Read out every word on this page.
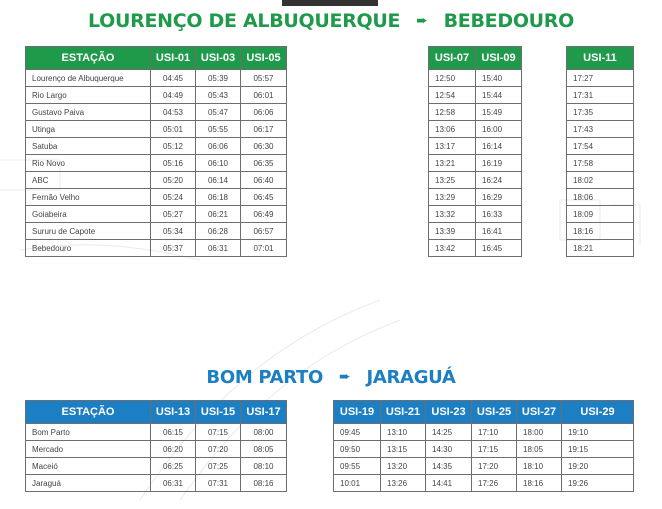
LOURENÇO DE ALBUQUERQUE ➨ BEBEDOURO
ESTAÇÃO	USI-01	USI-03	USI-05		USI-07	USI-09		USI-11
Lourenço de Albuquerque	04:45	05:39	05:57		12:50	15:40		17:27
Rio Largo	04:49	05:43	06:01		12:54	15:44		17:31
Gustavo Paiva	04:53	05:47	06:06		12:58	15:49		17:35
Utinga	05:01	05:55	06:17		13:06	16:00		17:43
Satuba	05:12	06:06	06:30		13:17	16:14		17:54
Rio Novo	05:16	06:10	06:35		13:21	16:19		17:58
ABC	05:20	06:14	06:40		13:25	16:24		18:02
Fernão Velho	05:24	06:18	06:45		13:29	16:29		18:06
Goiabeira	05:27	06:21	06:49		13:32	16:33		18:09
Sururu de Capote	05:34	06:28	06:57		13:39	16:41		18:16
Bebedouro	05:37	06:31	07:01		13:42	16:45		18:21
BOM PARTO ➨ JARAGUÁ
ESTAÇÃO	USI-13	USI-15	USI-17		USI-19	USI-21	USI-23	USI-25	USI-27	USI-29
Bom Parto	06:15	07:15	08:00		09:45	13:10	14:25	17:10	18:00	19:10
Mercado	06:20	07:20	08:05		09:50	13:15	14:30	17:15	18:05	19:15
Maceió	06:25	07:25	08:10		09:55	13:20	14:35	17:20	18:10	19:20
Jaraguá	06:31	07:31	08:16		10:01	13:26	14:41	17:26	18:16	19:26
